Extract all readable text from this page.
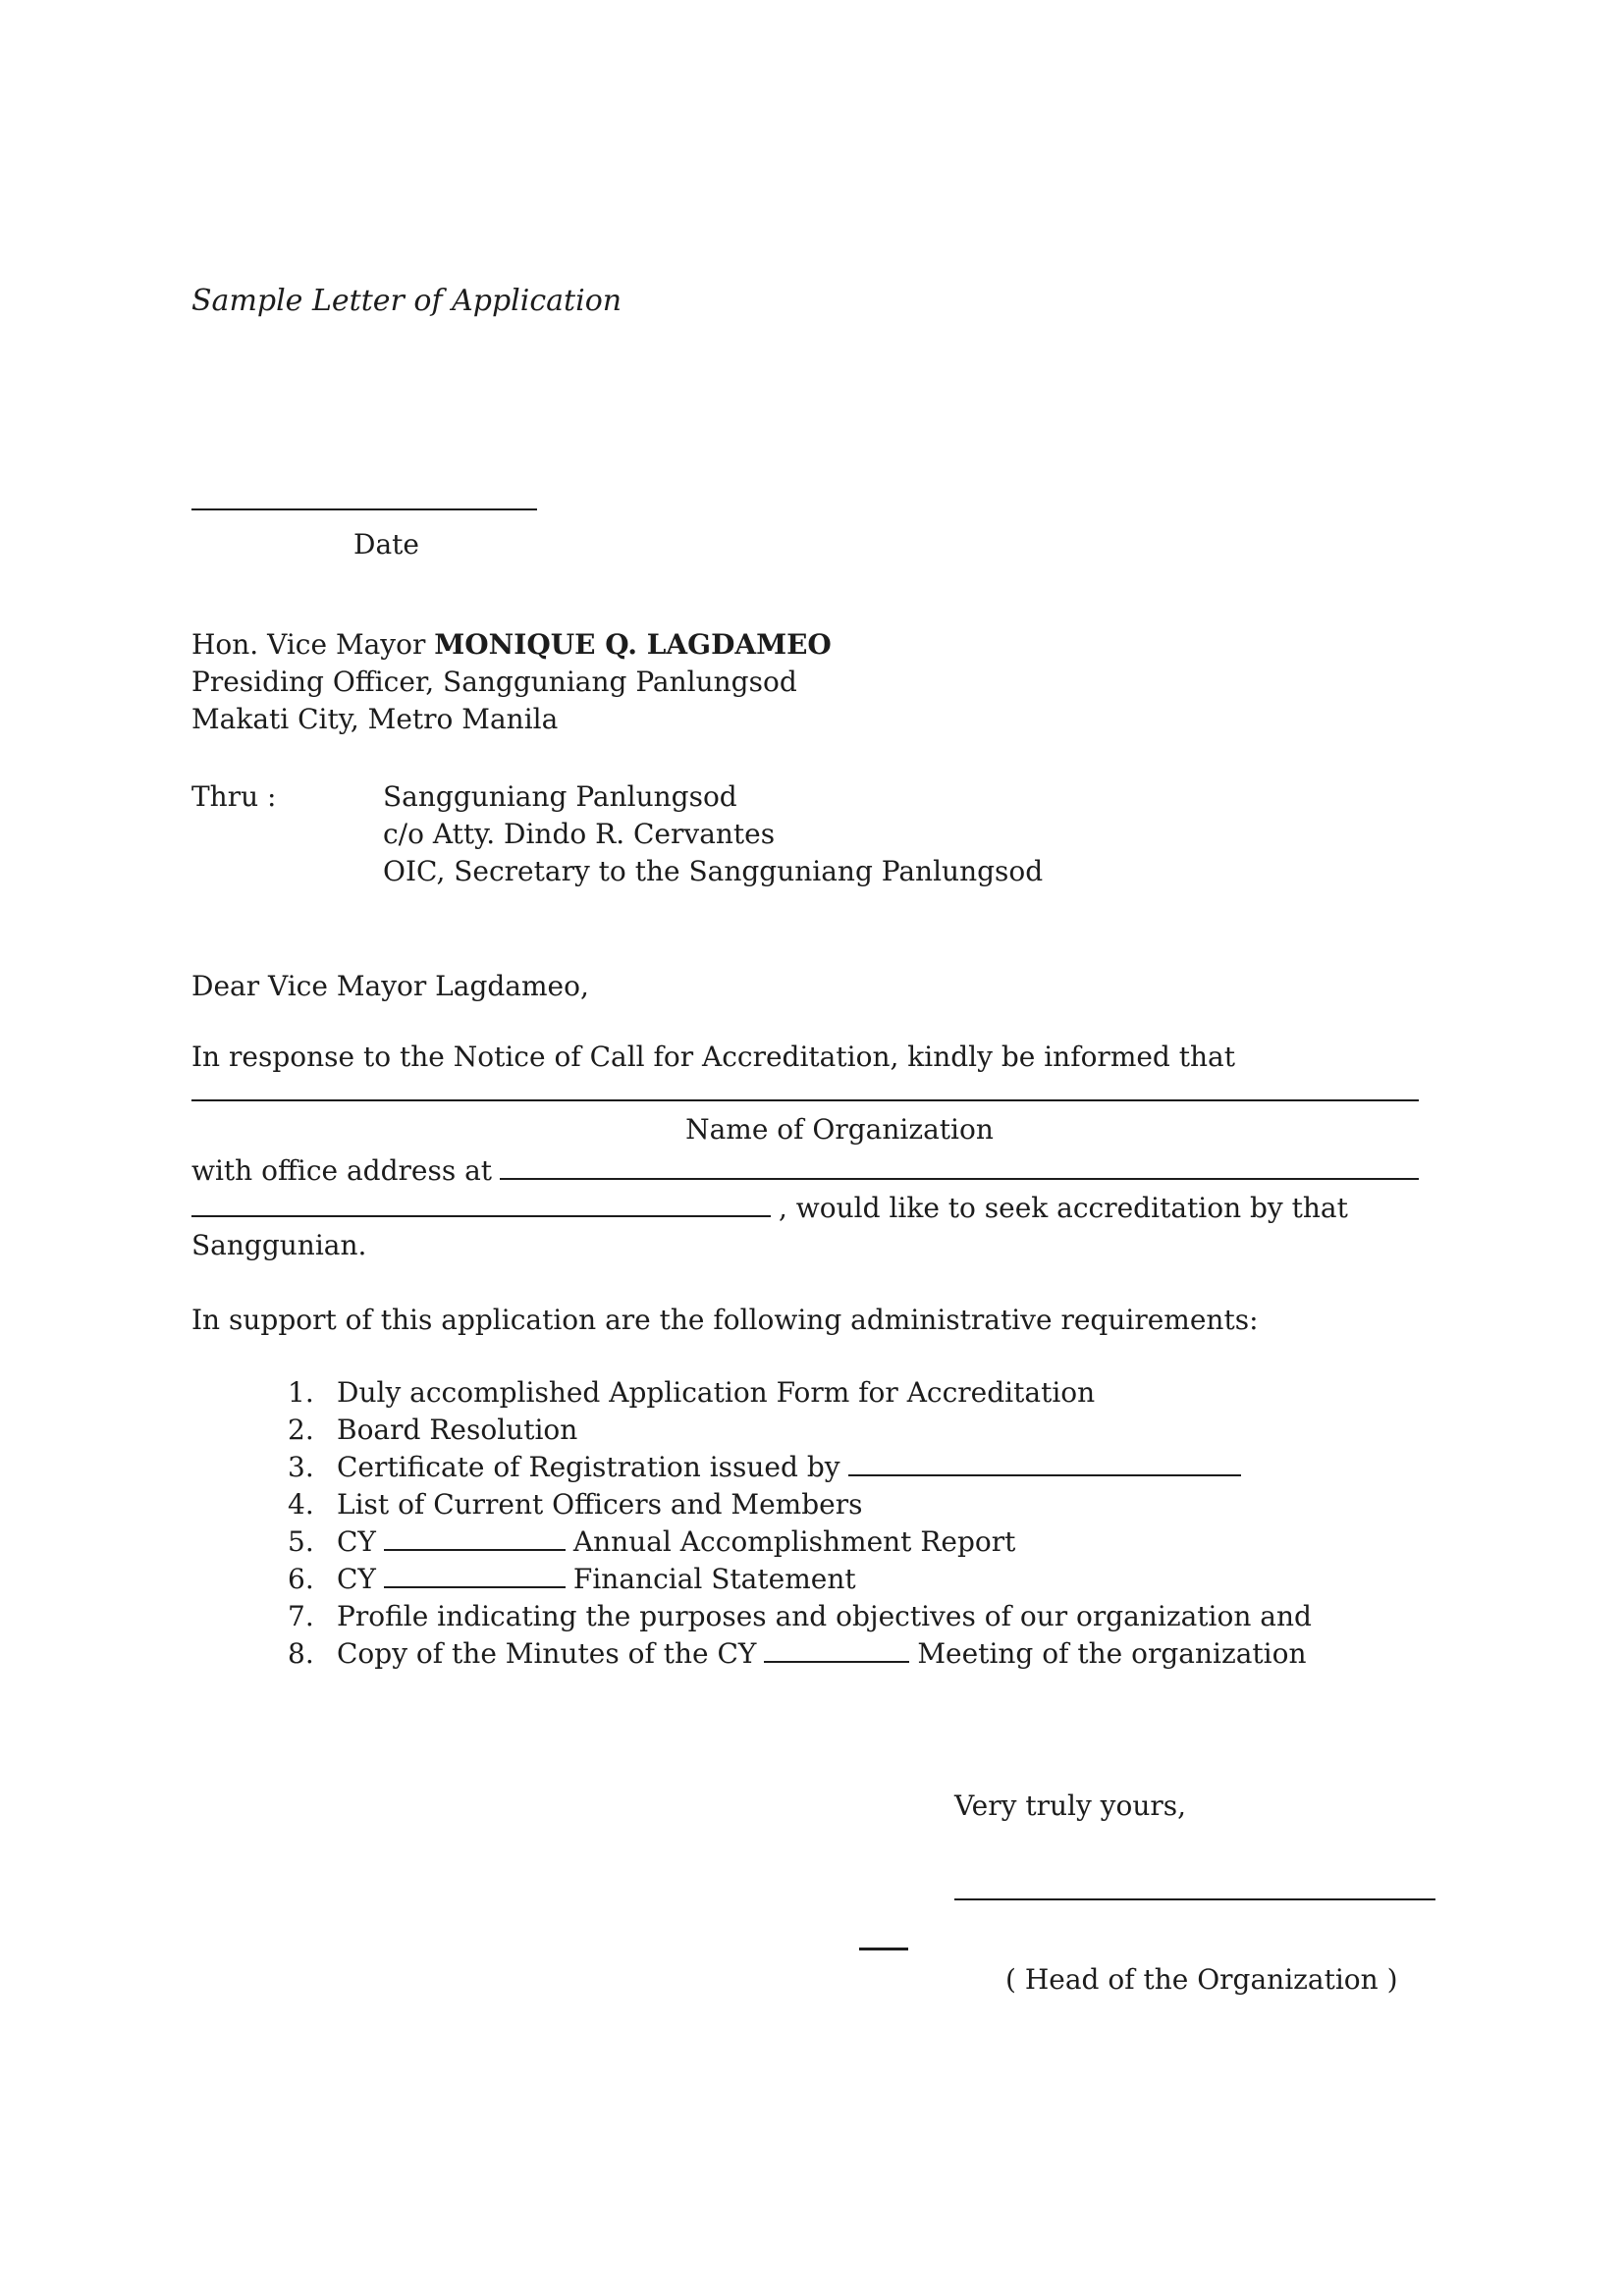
Sample Letter of Application
Date
Hon. Vice Mayor MONIQUE Q. LAGDAMEO
Presiding Officer, Sangguniang Panlungsod
Makati City, Metro Manila
Thru :	Sangguniang Panlungsod
c/o Atty. Dindo R. Cervantes
OIC, Secretary to the Sangguniang Panlungsod
Dear Vice Mayor Lagdameo,
In response to the Notice of Call for Accreditation, kindly be informed that
Name of Organization
with office address at
, would like to seek accreditation by that
Sanggunian.
In support of this application are the following administrative requirements:
1. Duly accomplished Application Form for Accreditation
2. Board Resolution
3. Certificate of Registration issued by
4. List of Current Officers and Members
5. CY	Annual Accomplishment Report
6. CY	Financial Statement
7. Profile indicating the purposes and objectives of our organization and
8. Copy of the Minutes of the CY	Meeting of the organization
Very truly yours,
( Head of the Organization )
